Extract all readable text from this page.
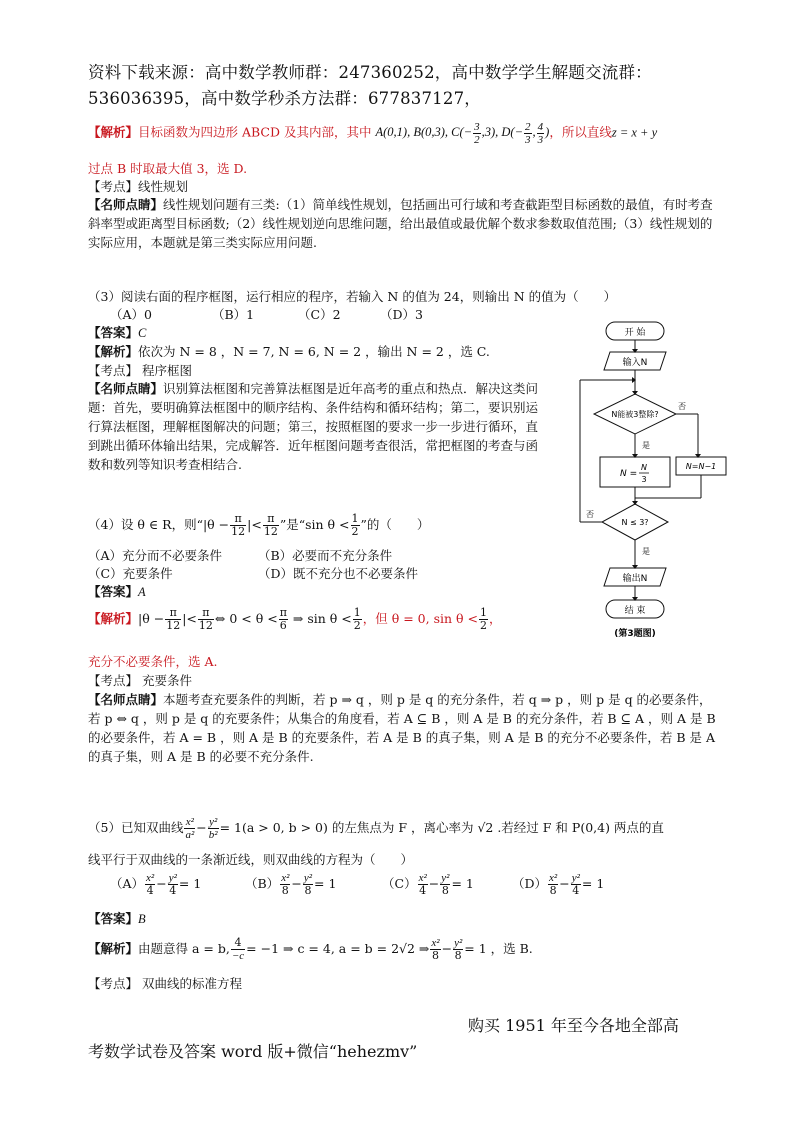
资料下载来源：高中数学教师群：247360252，高中数学学生解题交流群：
536036395，高中数学秒杀方法群：677837127，
【解析】目标函数为四边形 ABCD 及其内部，其中 A(0,1), B(0,3), $C(- \frac{3}{2} ,3)$, $D(- \frac{2}{3}$ , $\frac{4}{3}$ )，所以直线z = x + y
过点 B 时取最大值 3，选 D.
【考点】线性规划
【名师点睛】线性规划问题有三类:（1）简单线性规划，包括画出可行域和考查截距型目标函数的最值，有时考查斜率型或距离型目标函数;（2）线性规划逆向思维问题，给出最值或最优解个数求参数取值范围;（3）线性规划的实际应用，本题就是第三类实际应用问题.
（3）阅读右面的程序框图，运行相应的程序，若输入 N 的值为 24，则输出 N 的值为（　　）
（A）0	（B）1	（C）2	（D）3
【答案】C
【解析】依次为 N = 8 ，N = 7, N = 6, N = 2 ，输出 N = 2 ，选 C.
【考点】 程序框图
【名师点睛】识别算法框图和完善算法框图是近年高考的重点和热点．解决这类问题：首先，要明确算法框图中的顺序结构、条件结构和循环结构；第二，要识别运行算法框图，理解框图解决的问题；第三，按照框图的要求一步一步进行循环，直到跳出循环体输出结果，完成解答．近年框图问题考查很活，常把框图的考查与函数和数列等知识考查相结合.
开 始
输入N
N能被3整除?
是
否
N =
N
3
N=N−1
N ≤ 3?
否
是
输出N
结 束
(第3题图)
（4）设 θ ∈ R，则“$|\theta - \frac{\pi}{12}$ |< $\frac{\pi}{12}$ ”是“sin $\theta < \frac{1}{2}$ ”的（　　）
（A）充分而不必要条件	（B）必要而不充分条件
（C）充要条件	（D）既不充分也不必要条件
【答案】A
【解析】$|\theta - \frac{\pi}{12}$ |< $\frac{\pi}{12}$ ⇔ $0 < \theta < \frac{\pi}{6}$ ⇒ $\sin \theta < \frac{1}{2}$ ，但 θ = 0, $\sin \theta < \frac{1}{2}$ ，
充分不必要条件，选 A.
【考点】 充要条件
【名师点睛】本题考查充要条件的判断，若 p ⇒ q ，则 p 是 q 的充分条件，若 q ⇒ p ，则 p 是 q 的必要条件，若 p ⇔ q ，则 p 是 q 的充要条件；从集合的角度看，若 A ⊆ B ，则 A 是 B 的充分条件，若 B ⊆ A ，则 A 是 B 的必要条件，若 A = B ，则 A 是 B 的充要条件，若 A 是 B 的真子集，则 A 是 B 的充分不必要条件，若 B 是 A 的真子集，则 A 是 B 的必要不充分条件.
（5）已知双曲线 $\frac{\text{x²}}{\text{a²}} - \frac{\text{y²}}{\text{b²}} = 1(a > 0$, b > 0) 的左焦点为 F ，离心率为 √2 .若经过 F 和 P(0,4) 两点的直
线平行于双曲线的一条渐近线，则双曲线的方程为（　　）
$(A) \frac{\text{x²}}{4} - \frac{\text{y²}}{4} = 1$	$(B) \frac{\text{x²}}{8} - \frac{\text{y²}}{8} = 1$	$(C) \frac{\text{x²}}{4} - \frac{\text{y²}}{8} = 1$	$(D) \frac{\text{x²}}{8} - \frac{\text{y²}}{4} = 1$
【答案】B
【解析】由题意得 a = b, $\frac{4}{-c} = -1$ ⇒ c = 4, a = b = 2√2 ⇒ $\frac{\text{x²}}{8} - \frac{\text{y²}}{8} = 1$ ，选 B.
【考点】 双曲线的标准方程
购买 1951 年至今各地全部高
考数学试卷及答案 word 版+微信“hehezmv”
